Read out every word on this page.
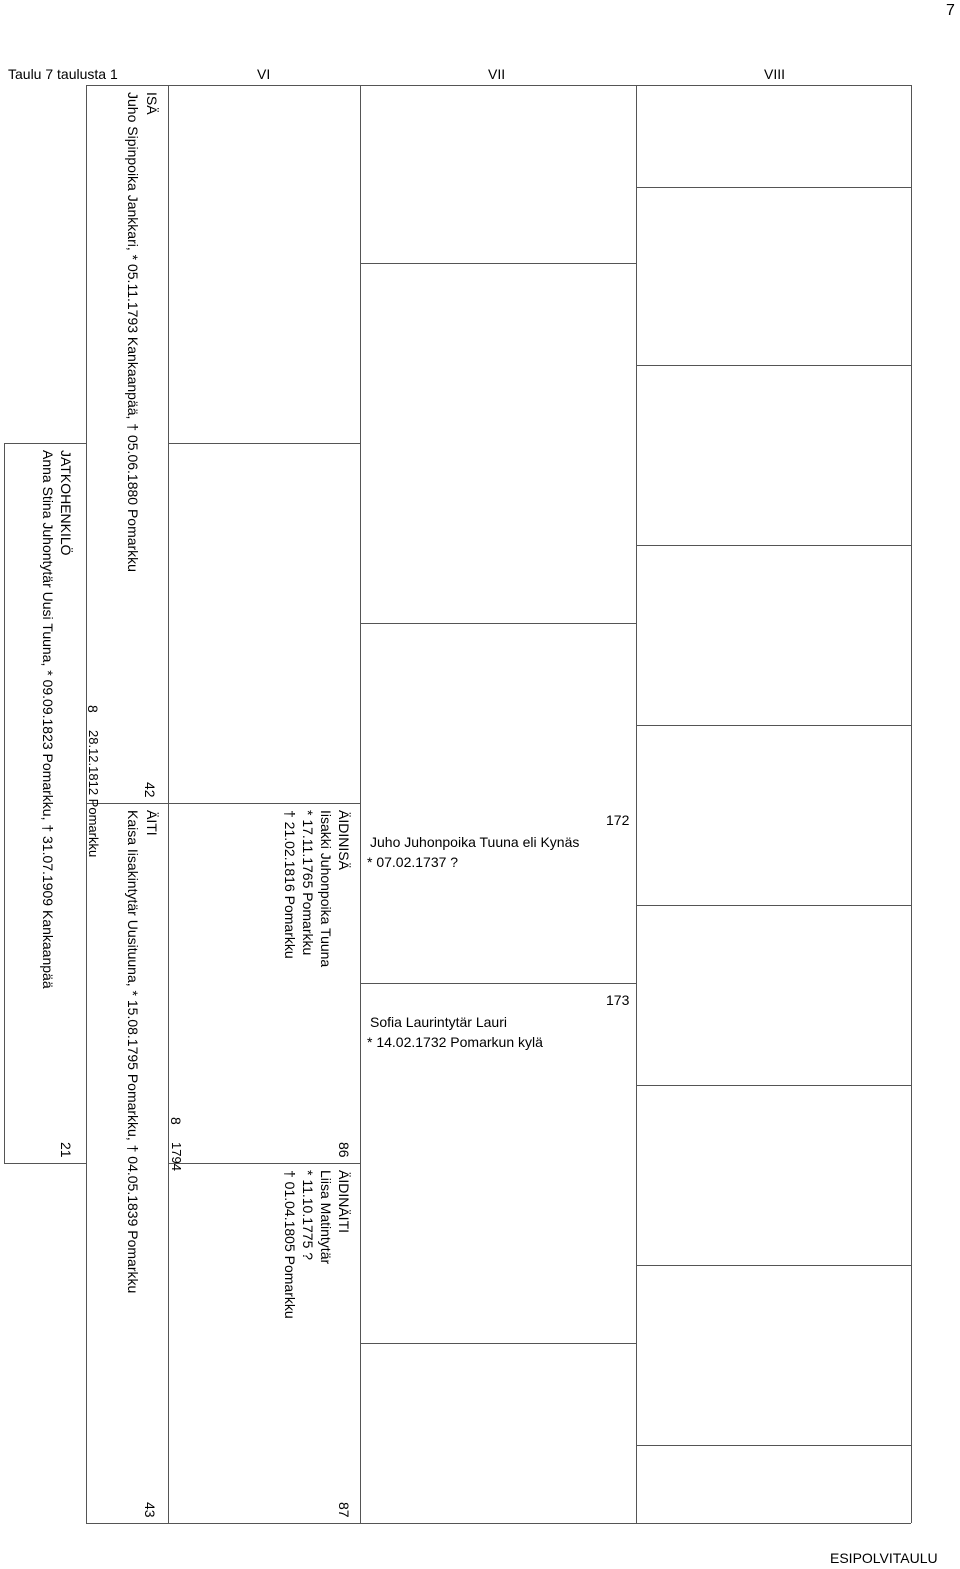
7
Taulu 7 taulusta 1	VI	VII	VIII
JATKOHENKILÖ
Anna Stina Juhontytär Uusi Tuuna, * 09.09.1823 Pomarkku, † 31.07.1909 Kankaanpää
21
8
28.12.1812 Pomarkku
ISÄ
Juho Sipinpoika Jankkari, * 05.11.1793 Kankaanpää, † 05.06.1880 Pomarkku
42
ÄITI
Kaisa Iisakintytär Uusituuna, * 15.08.1795 Pomarkku, † 04.05.1839 Pomarkku
43
8
1794
ÄIDINISÄ
Iisakki Juhonpoika Tuuna
* 17.11.1765 Pomarkku
† 21.02.1816 Pomarkku
86
ÄIDINÄITI
Liisa Matintytär
* 11.10.1775 ?
† 01.04.1805 Pomarkku
87
172
Juho Juhonpoika Tuuna eli Kynäs
* 07.02.1737 ?
173
Sofia Laurintytär Lauri
* 14.02.1732 Pomarkun kylä
ESIPOLVITAULU
